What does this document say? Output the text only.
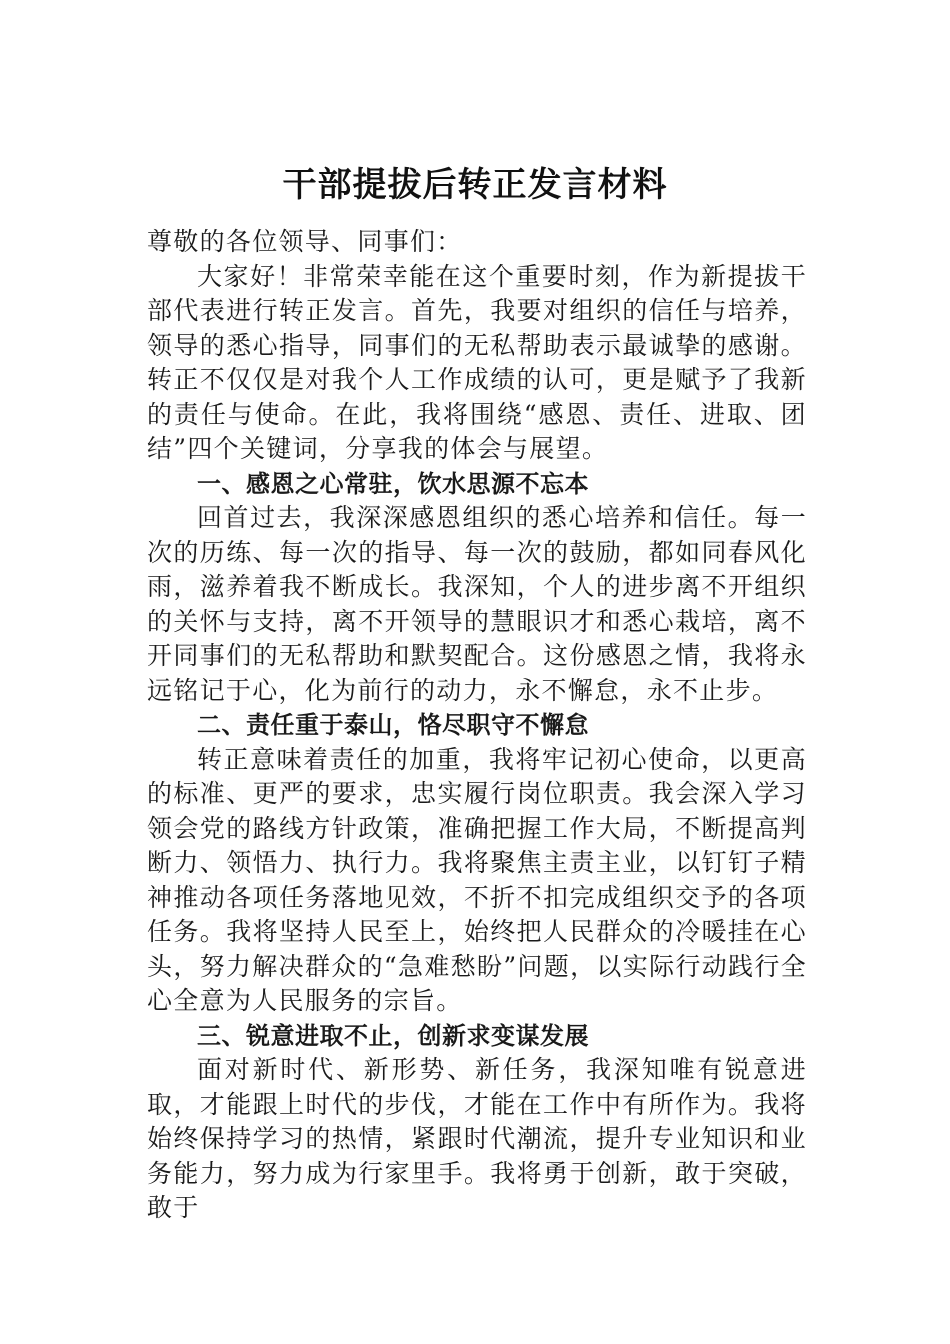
干部提拔后转正发言材料

尊敬的各位领导、同事们：

大家好！非常荣幸能在这个重要时刻，作为新提拔干部代表进行转正发言。首先，我要对组织的信任与培养，领导的悉心指导，同事们的无私帮助表示最诚挚的感谢。转正不仅仅是对我个人工作成绩的认可，更是赋予了我新的责任与使命。在此，我将围绕“感恩、责任、进取、团结”四个关键词，分享我的体会与展望。

一、感恩之心常驻，饮水思源不忘本

回首过去，我深深感恩组织的悉心培养和信任。每一次的历练、每一次的指导、每一次的鼓励，都如同春风化雨，滋养着我不断成长。我深知，个人的进步离不开组织的关怀与支持，离不开领导的慧眼识才和悉心栽培，离不开同事们的无私帮助和默契配合。这份感恩之情，我将永远铭记于心，化为前行的动力，永不懈怠，永不止步。

二、责任重于泰山，恪尽职守不懈怠

转正意味着责任的加重，我将牢记初心使命，以更高的标准、更严的要求，忠实履行岗位职责。我会深入学习领会党的路线方针政策，准确把握工作大局，不断提高判断力、领悟力、执行力。我将聚焦主责主业，以钉钉子精神推动各项任务落地见效，不折不扣完成组织交予的各项任务。我将坚持人民至上，始终把人民群众的冷暖挂在心头，努力解决群众的“急难愁盼”问题，以实际行动践行全心全意为人民服务的宗旨。

三、锐意进取不止，创新求变谋发展

面对新时代、新形势、新任务，我深知唯有锐意进取，才能跟上时代的步伐，才能在工作中有所作为。我将始终保持学习的热情，紧跟时代潮流，提升专业知识和业务能力，努力成为行家里手。我将勇于创新，敢于突破，敢于
